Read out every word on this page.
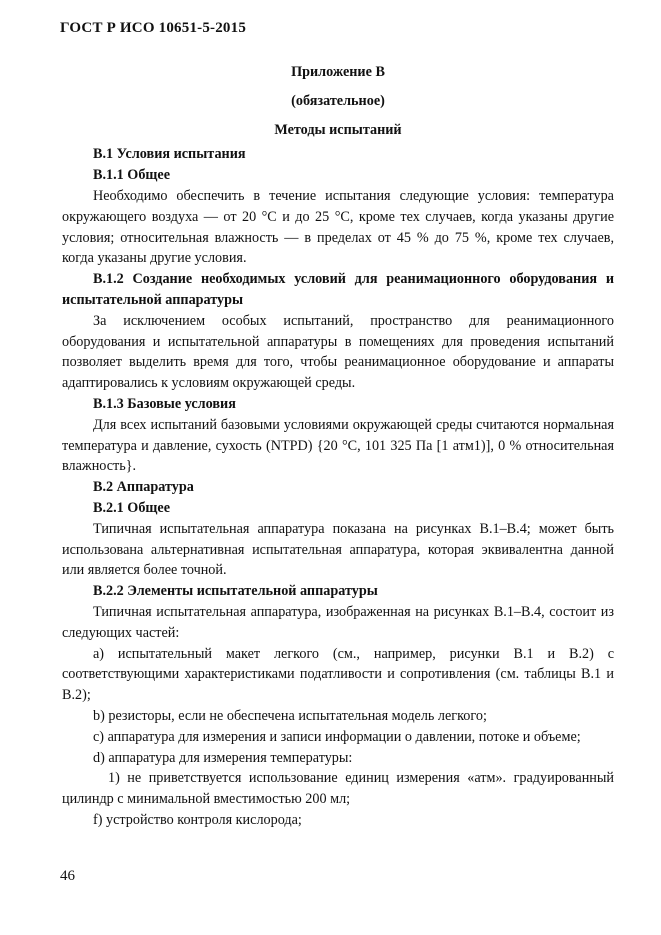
ГОСТ Р ИСО 10651-5-2015
Приложение B
(обязательное)
Методы испытаний

B.1 Условия испытания

B.1.1 Общее

Необходимо обеспечить в течение испытания следующие условия: температура окружающего воздуха — от 20 °С и до 25 °С, кроме тех случаев, когда указаны другие условия; относительная влажность — в пределах от 45 % до 75 %, кроме тех случаев, когда указаны другие условия.

B.1.2 Создание необходимых условий для реанимационного оборудования и испытательной аппаратуры

За исключением особых испытаний, пространство для реанимационного оборудования и испытательной аппаратуры в помещениях для проведения испытаний позволяет выделить время для того, чтобы реанимационное оборудование и аппараты адаптировались к условиям окружающей среды.

B.1.3 Базовые условия

Для всех испытаний базовыми условиями окружающей среды считаются нормальная температура и давление, сухость (NTPD) {20 °С, 101 325 Па [1 атм1)], 0 % относительная влажность}.

B.2 Аппаратура

B.2.1 Общее

Типичная испытательная аппаратура показана на рисунках B.1–B.4; может быть использована альтернативная испытательная аппаратура, которая эквивалентна данной или является более точной.

B.2.2 Элементы испытательной аппаратуры

Типичная испытательная аппаратура, изображенная на рисунках B.1–B.4, состоит из следующих частей:

a) испытательный макет легкого (см., например, рисунки B.1 и B.2) с соответствующими характеристиками податливости и сопротивления (см. таблицы B.1 и B.2);

b) резисторы, если не обеспечена испытательная модель легкого;

c) аппаратура для измерения и записи информации о давлении, потоке и объеме;

d) аппаратура для измерения температуры:

1) не приветствуется использование единиц измерения «атм». градуированный цилиндр с минимальной вместимостью 200 мл;

f) устройство контроля кислорода;

46
